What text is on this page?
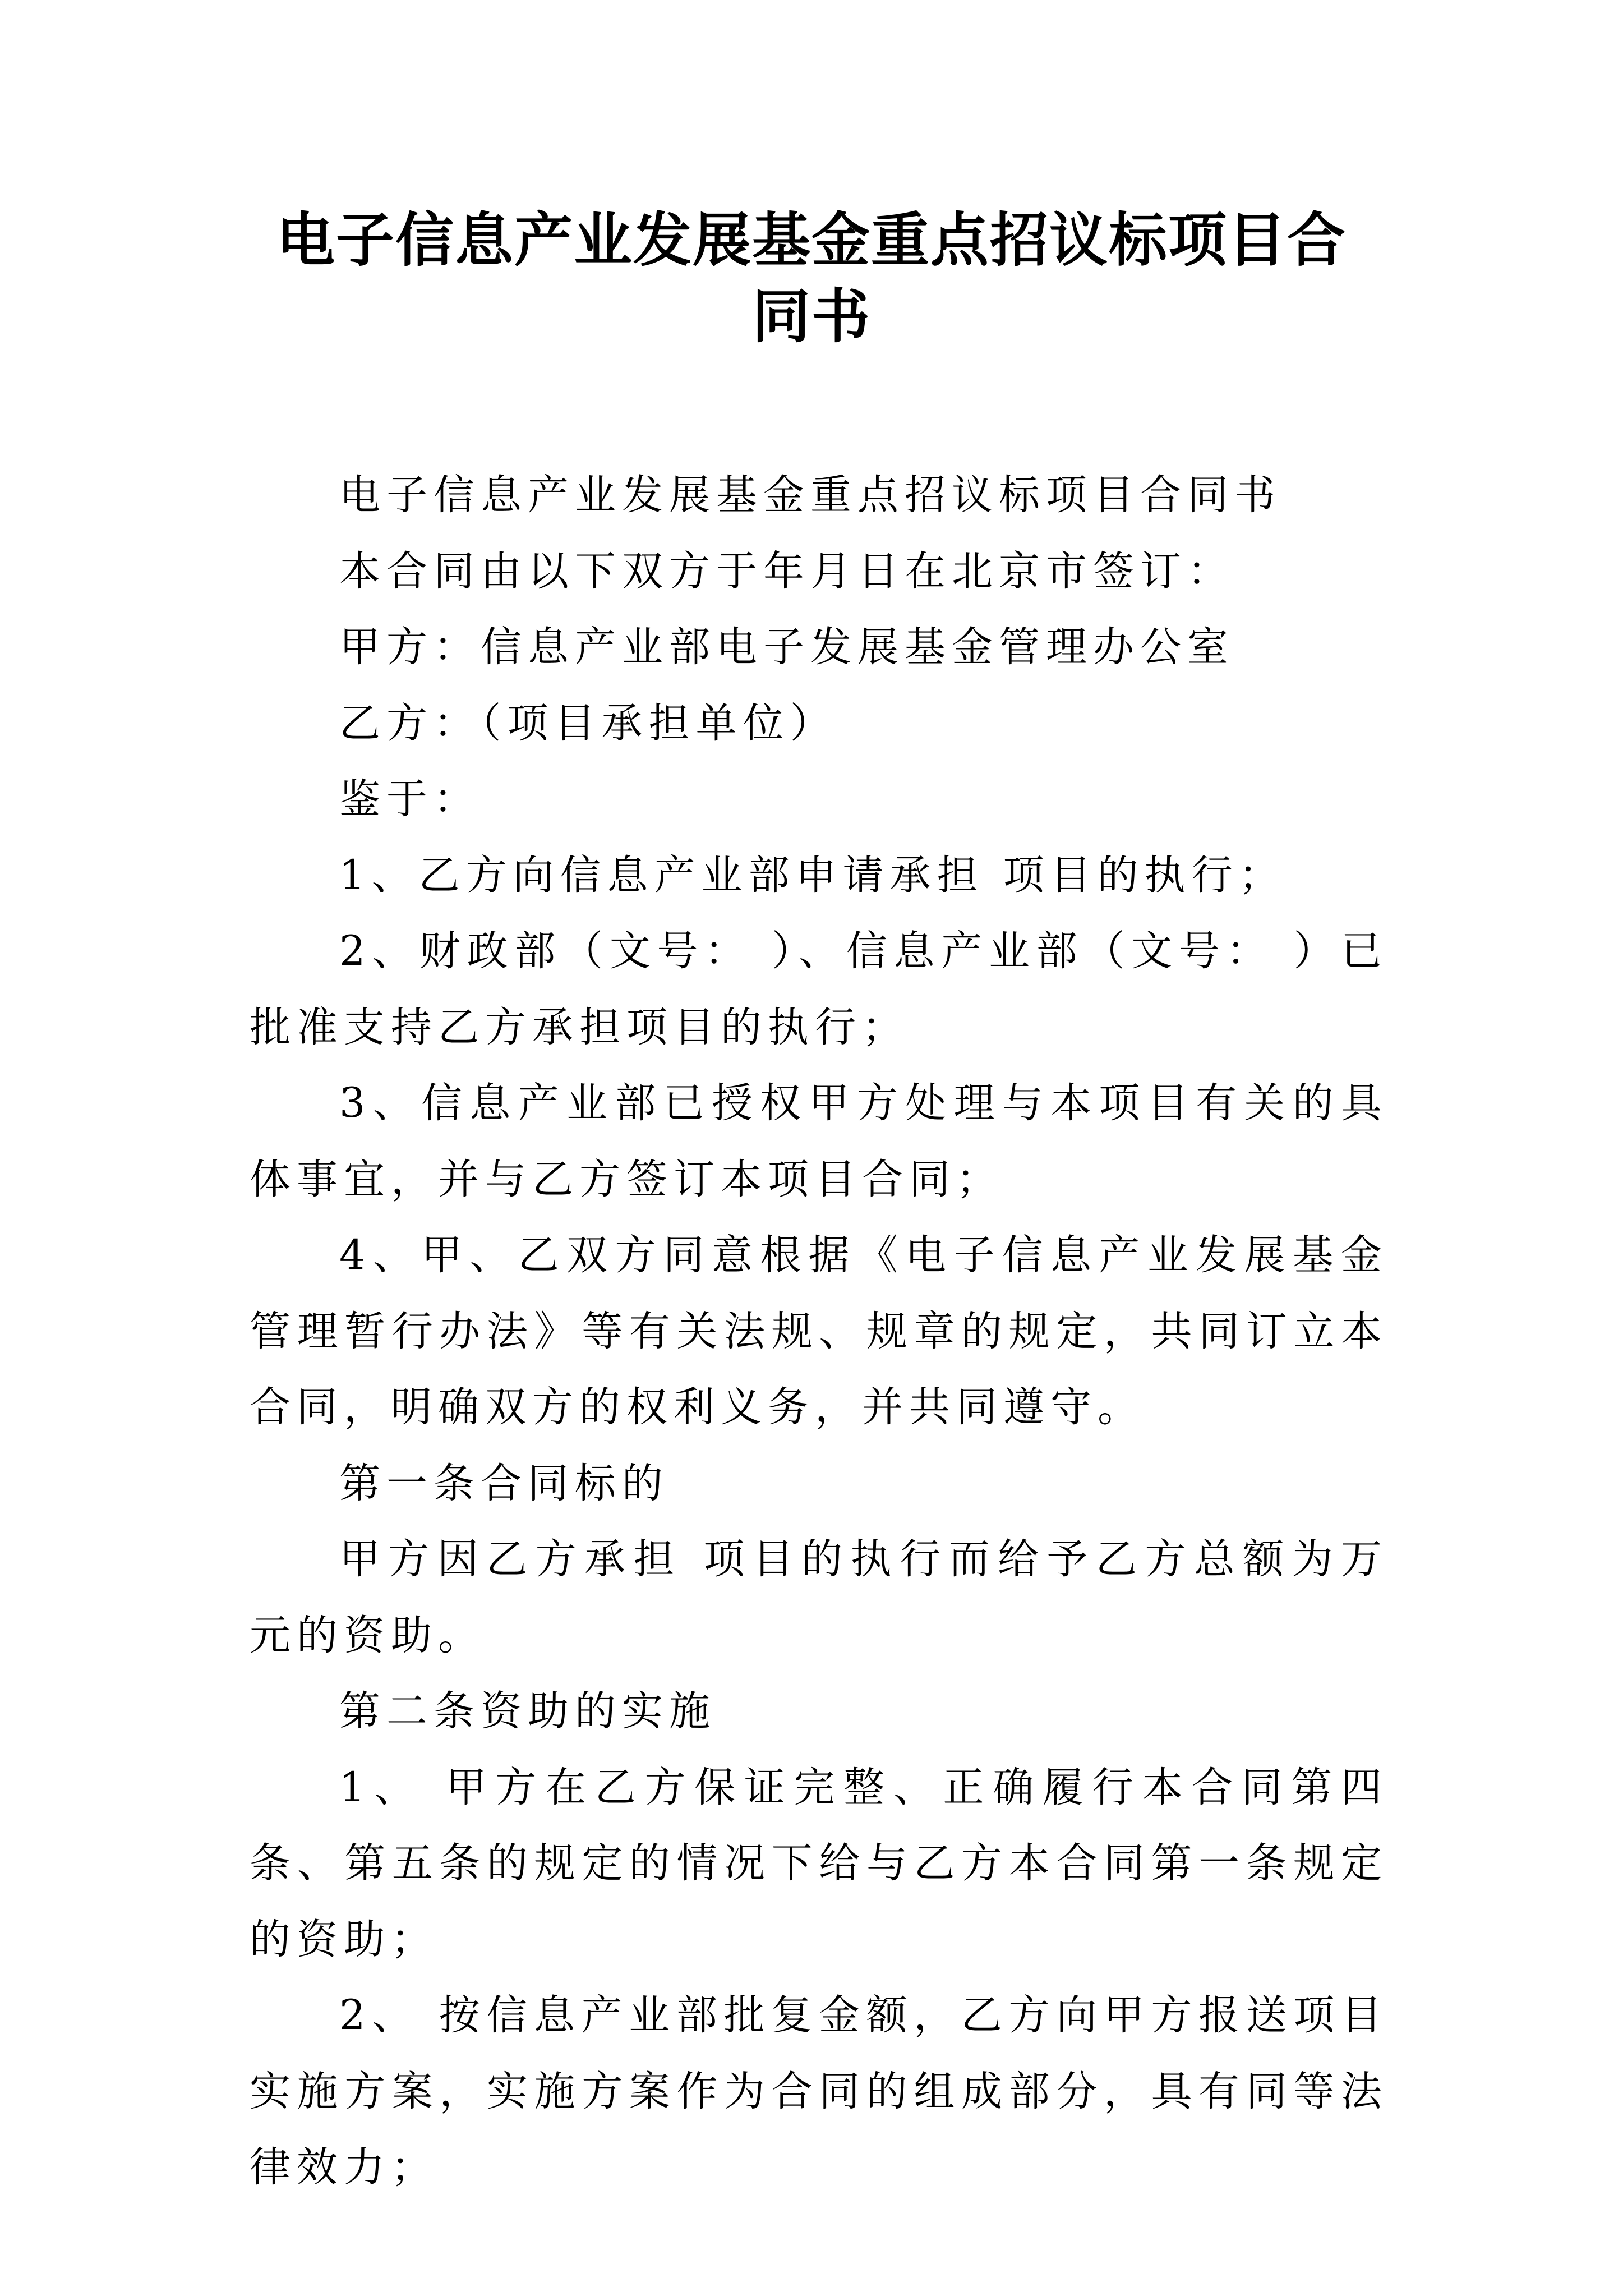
电子信息产业发展基金重点招议标项目合
同书

电子信息产业发展基金重点招议标项目合同书

本合同由以下双方于年月日在北京市签订：

甲方：信息产业部电子发展基金管理办公室

乙方：（项目承担单位）

鉴于：

1、乙方向信息产业部申请承担 项目的执行；

2、财政部（文号： ）、信息产业部（文号： ）已批准支持乙方承担项目的执行；

3、信息产业部已授权甲方处理与本项目有关的具体事宜，并与乙方签订本项目合同；

4、甲、乙双方同意根据《电子信息产业发展基金管理暂行办法》等有关法规、规章的规定，共同订立本合同，明确双方的权利义务，并共同遵守。

第一条合同标的

甲方因乙方承担 项目的执行而给予乙方总额为万元的资助。

第二条资助的实施

1、 甲方在乙方保证完整、正确履行本合同第四条、第五条的规定的情况下给与乙方本合同第一条规定的资助；

2、 按信息产业部批复金额，乙方向甲方报送项目实施方案，实施方案作为合同的组成部分，具有同等法律效力；
